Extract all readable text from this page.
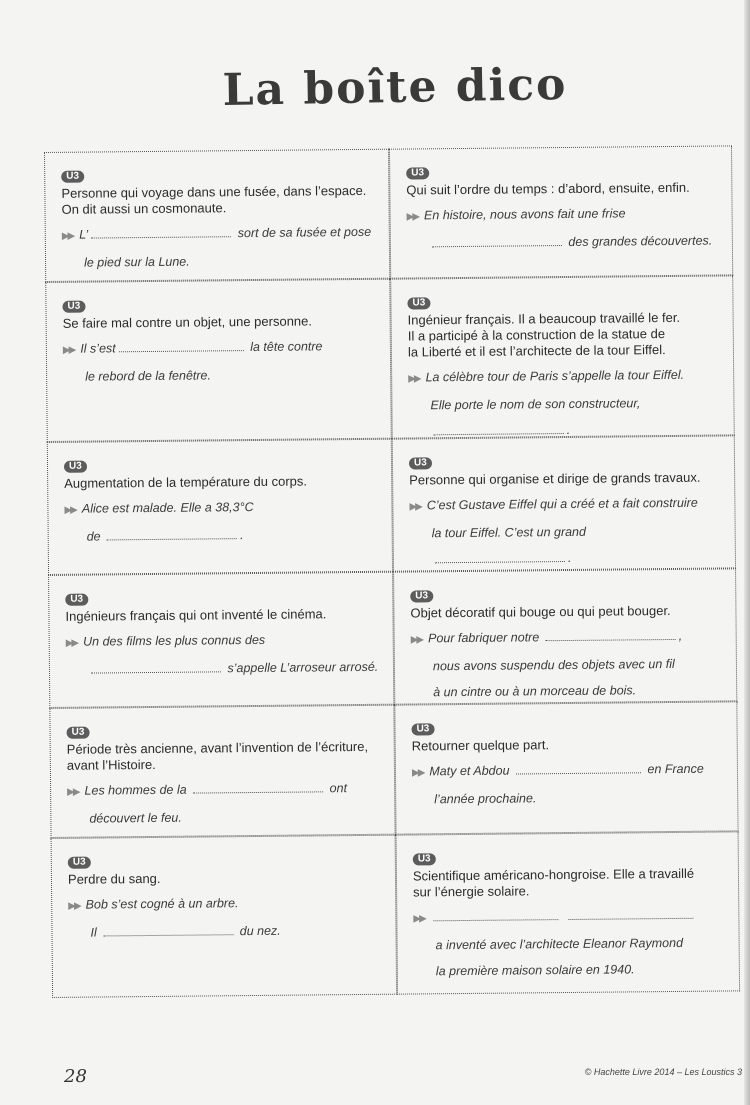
La boîte dico
U3
Personne qui voyage dans une fusée, dans l’espace.
On dit aussi un cosmonaute.
▶▶ L’	sort de sa fusée et pose
le pied sur la Lune.
U3
Qui suit l’ordre du temps : d’abord, ensuite, enfin.
▶▶ En histoire, nous avons fait une frise
des grandes découvertes.
U3
Se faire mal contre un objet, une personne.
▶▶ Il s’est	la tête contre
le rebord de la fenêtre.
U3
Ingénieur français. Il a beaucoup travaillé le fer.
Il a participé à la construction de la statue de
la Liberté et il est l’architecte de la tour Eiffel.
▶▶ La célèbre tour de Paris s’appelle la tour Eiffel.
Elle porte le nom de son constructeur,
.
U3
Augmentation de la température du corps.
▶▶ Alice est malade. Elle a 38,3°C
de	.
U3
Personne qui organise et dirige de grands travaux.
▶▶ C’est Gustave Eiffel qui a créé et a fait construire
la tour Eiffel. C’est un grand
.
U3
Ingénieurs français qui ont inventé le cinéma.
▶▶ Un des films les plus connus des
s’appelle L’arroseur arrosé.
U3
Objet décoratif qui bouge ou qui peut bouger.
▶▶ Pour fabriquer notre	,
nous avons suspendu des objets avec un fil
à un cintre ou à un morceau de bois.
U3
Période très ancienne, avant l’invention de l’écriture,
avant l’Histoire.
▶▶ Les hommes de la	ont
découvert le feu.
U3
Retourner quelque part.
▶▶ Maty et Abdou	en France
l’année prochaine.
U3
Perdre du sang.
▶▶ Bob s’est cogné à un arbre.
Il	du nez.
U3
Scientifique américano-hongroise. Elle a travaillé
sur l’énergie solaire.
▶▶
a inventé avec l’architecte Eleanor Raymond
la première maison solaire en 1940.
28	© Hachette Livre 2014 – Les Loustics 3
